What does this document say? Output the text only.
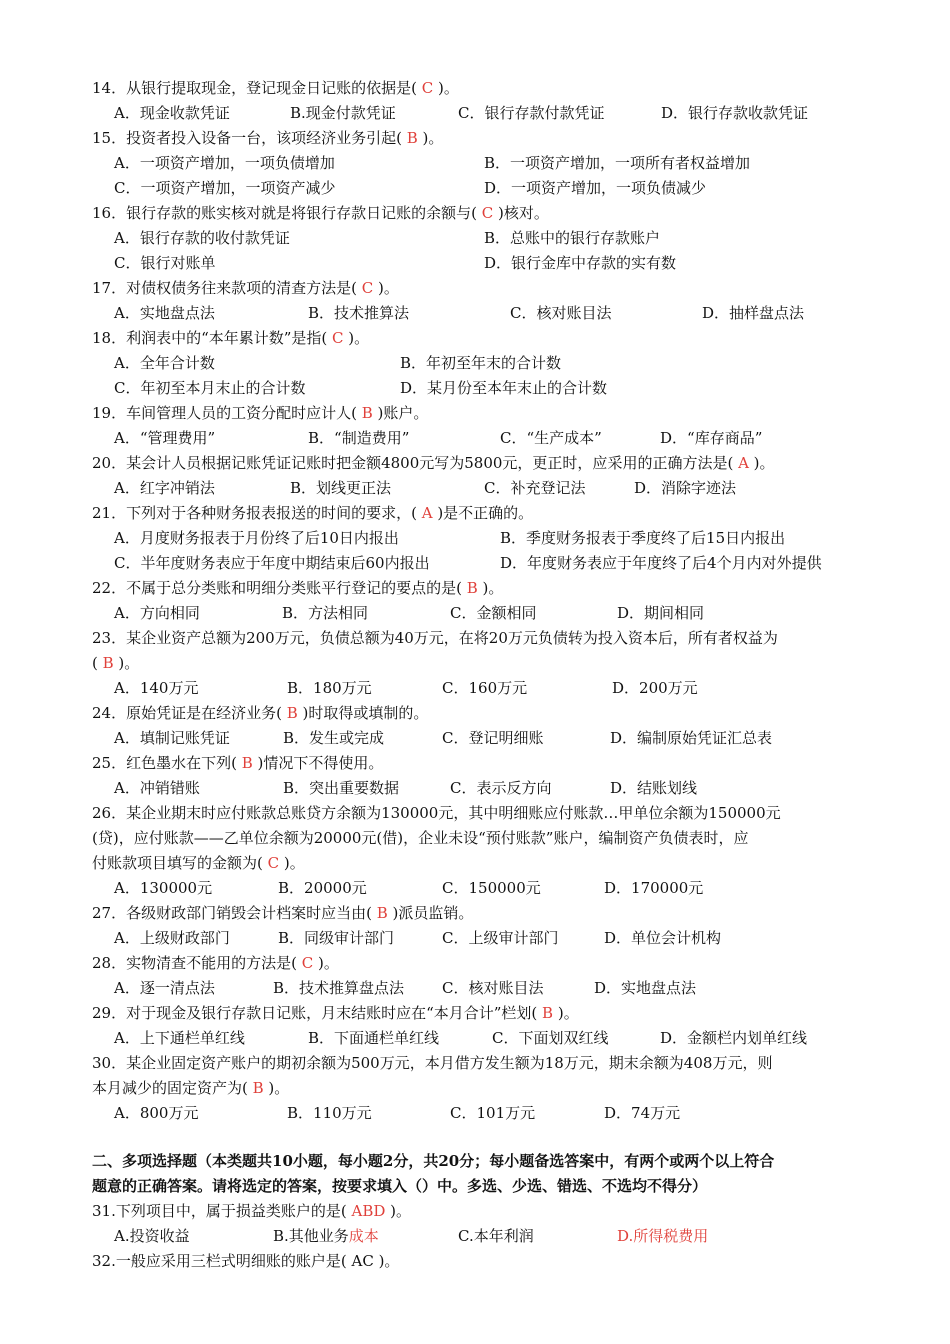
14．从银行提取现金，登记现金日记账的依据是( C )。
A．现金收款凭证	B.现金付款凭证	C．银行存款付款凭证	D．银行存款收款凭证
15．投资者投入设备一台，该项经济业务引起( B )。
A．一项资产增加，一项负债增加	B．一项资产增加，一项所有者权益增加
C．一项资产增加，一项资产减少	D．一项资产增加，一项负债减少
16．银行存款的账实核对就是将银行存款日记账的余额与( C )核对。
A．银行存款的收付款凭证	B．总账中的银行存款账户
C．银行对账单	D．银行金库中存款的实有数
17．对债权债务往来款项的清查方法是( C )。
A．实地盘点法	B．技术推算法	C．核对账目法	D．抽样盘点法
18．利润表中的“本年累计数”是指( C )。
A．全年合计数	B．年初至年末的合计数
C．年初至本月末止的合计数	D．某月份至本年末止的合计数
19．车间管理人员的工资分配时应计人( B )账户。
A．“管理费用”	B．“制造费用”	C．“生产成本”	D．“库存商品”
20．某会计人员根据记账凭证记账时把金额4800元写为5800元，更正时，应采用的正确方法是( A )。
A．红字冲销法	B．划线更正法	C．补充登记法	D．消除字迹法
21．下列对于各种财务报表报送的时间的要求，( A )是不正确的。
A．月度财务报表于月份终了后10日内报出	B．季度财务报表于季度终了后15日内报出
C．半年度财务表应于年度中期结束后60内报出	D．年度财务表应于年度终了后4个月内对外提供
22．不属于总分类账和明细分类账平行登记的要点的是( B )。
A．方向相同	B．方法相同	C．金额相同	D．期间相同
23．某企业资产总额为200万元，负债总额为40万元，在将20万元负债转为投入资本后，所有者权益为
( B )。
A．140万元	B．180万元	C．160万元	D．200万元
24．原始凭证是在经济业务( B )时取得或填制的。
A．填制记账凭证	B．发生或完成	C．登记明细账	D．编制原始凭证汇总表
25．红色墨水在下列( B )情况下不得使用。
A．冲销错账	B．突出重要数据	C．表示反方向	D．结账划线
26．某企业期末时应付账款总账贷方余额为130000元，其中明细账应付账款…甲单位余额为150000元
(贷)，应付账款——乙单位余额为20000元(借)，企业未设“预付账款”账户，编制资产负债表时，应
付账款项目填写的金额为( C )。
A．130000元	B．20000元	C．150000元	D．170000元
27．各级财政部门销毁会计档案时应当由( B )派员监销。
A．上级财政部门	B．同级审计部门	C．上级审计部门	D．单位会计机构
28．实物清查不能用的方法是( C )。
A．逐一清点法	B．技术推算盘点法	C．核对账目法	D．实地盘点法
29．对于现金及银行存款日记账，月末结账时应在“本月合计”栏划( B )。
A．上下通栏单红线	B．下面通栏单红线	C．下面划双红线	D．金额栏内划单红线
30．某企业固定资产账户的期初余额为500万元，本月借方发生额为18万元，期末余额为408万元，则
本月减少的固定资产为( B )。
A．800万元	B．110万元	C．101万元	D．74万元
二、多项选择题（本类题共10小题，每小题2分，共20分；每小题备选答案中，有两个或两个以上符合
题意的正确答案。请将选定的答案，按要求填入（）中。多选、少选、错选、不选均不得分）
31.下列项目中，属于损益类账户的是( ABD )。
A.投资收益	B.其他业务成本	C.本年利润	D.所得税费用
32.一般应采用三栏式明细账的账户是( AC )。
